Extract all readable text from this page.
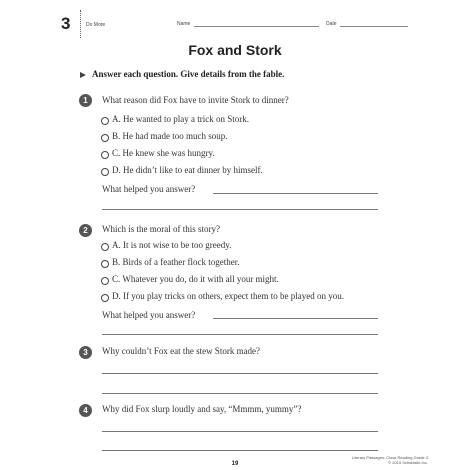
3	Do More	Name	Date
Fox and Stork
Answer each question. Give details from the fable.
1	What reason did Fox have to invite Stork to dinner?
A. He wanted to play a trick on Stork.
B. He had made too much soup.
C. He knew she was hungry.
D. He didn’t like to eat dinner by himself.
What helped you answer?
2	Which is the moral of this story?
A. It is not wise to be too greedy.
B. Birds of a feather flock together.
C. Whatever you do, do it with all your might.
D. If you play tricks on others, expect them to be played on you.
What helped you answer?
3	Why couldn’t Fox eat the stew Stork made?
4	Why did Fox slurp loudly and say, “Mmmm, yummy”?
19
Literary Passages: Close Reading Grade 3
© 2015 Scholastic Inc.
